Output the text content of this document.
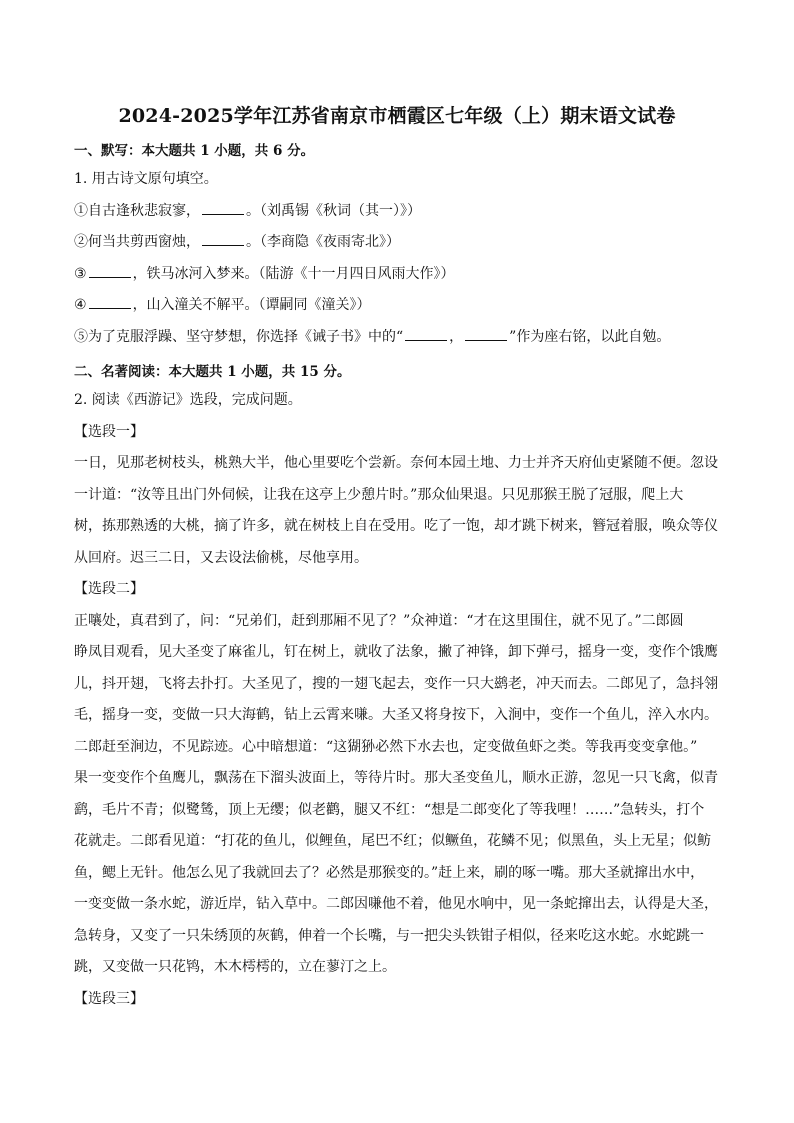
2024-2025学年江苏省南京市栖霞区七年级（上）期末语文试卷
一、默写：本大题共 1 小题，共 6 分。

1. 用古诗文原句填空。

①自古逢秋悲寂寥，	。（刘禹锡《秋词（其一）》）

②何当共剪西窗烛，	。（李商隐《夜雨寄北》）

③	，铁马冰河入梦来。（陆游《十一月四日风雨大作》）

④	，山入潼关不解平。（谭嗣同《潼关》）

⑤为了克服浮躁、坚守梦想，你选择《诫子书》中的“	，	”作为座右铭，以此自勉。

二、名著阅读：本大题共 1 小题，共 15 分。

2. 阅读《西游记》选段，完成问题。

【选段一】

一日，见那老树枝头，桃熟大半，他心里要吃个尝新。奈何本园土地、力士并齐天府仙吏紧随不便。忽设

一计道：“汝等且出门外伺候，让我在这亭上少憩片时。”那众仙果退。只见那猴王脱了冠服，爬上大

树，拣那熟透的大桃，摘了许多，就在树枝上自在受用。吃了一饱，却才跳下树来，簪冠着服，唤众等仪

从回府。迟三二日，又去设法偷桃，尽他享用。

【选段二】

正嚷处，真君到了，问：“兄弟们，赶到那厢不见了？”众神道：“才在这里围住，就不见了。”二郎圆

睁凤目观看，见大圣变了麻雀儿，钉在树上，就收了法象，撇了神锋，卸下弹弓，摇身一变，变作个饿鹰

儿，抖开翅，飞将去扑打。大圣见了，搜的一翅飞起去，变作一只大鹚老，冲天而去。二郎见了，急抖翎

毛，摇身一变，变做一只大海鹤，钻上云霄来嗛。大圣又将身按下，入涧中，变作一个鱼儿，淬入水内。

二郎赶至涧边，不见踪迹。心中暗想道：“这猢狲必然下水去也，定变做鱼虾之类。等我再变变拿他。”

果一变变作个鱼鹰儿，飘荡在下溜头波面上，等待片时。那大圣变鱼儿，顺水正游，忽见一只飞禽，似青

鹞，毛片不青；似鹭鸶，顶上无缨；似老鹳，腿又不红：“想是二郎变化了等我哩！……”急转头，打个

花就走。二郎看见道：“打花的鱼儿，似鲤鱼，尾巴不红；似鳜鱼，花鳞不见；似黑鱼，头上无星；似鲂

鱼，鳃上无针。他怎么见了我就回去了？必然是那猴变的。”赶上来，刷的啄一嘴。那大圣就撺出水中，

一变变做一条水蛇，游近岸，钻入草中。二郎因嗛他不着，他见水响中，见一条蛇撺出去，认得是大圣，

急转身，又变了一只朱绣顶的灰鹤，伸着一个长嘴，与一把尖头铁钳子相似，径来吃这水蛇。水蛇跳一

跳，又变做一只花鸨，木木樗樗的，立在蓼汀之上。

【选段三】
